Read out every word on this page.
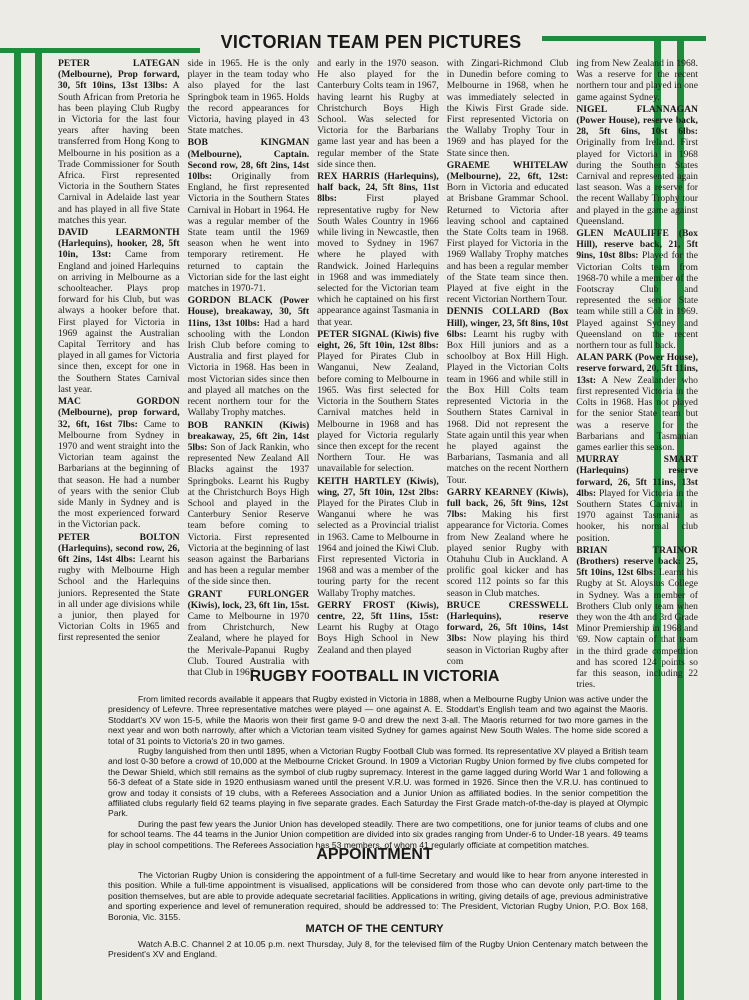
VICTORIAN TEAM PEN PICTURES

PETER LATEGAN (Melbourne), Prop forward, 30, 5ft 10ins, 13st 13lbs: A South African from Pretoria he has been playing Club Rugby in Victoria for the last four years after having been transferred from Hong Kong to Melbourne in his position as a Trade Commissioner for South Africa. First represented Victoria in the Southern States Carnival in Adelaide last year and has played in all five State matches this year.

DAVID LEARMONTH (Harlequins), hooker, 28, 5ft 10in, 13st: Came from England and joined Harlequins on arriving in Melbourne as a schoolteacher. Plays prop forward for his Club, but was always a hooker before that. First played for Victoria in 1969 against the Australian Capital Territory and has played in all games for Victoria since then, except for one in the Southern States Carnival last year.

MAC GORDON (Melbourne), prop forward, 32, 6ft, 16st 7lbs: Came to Melbourne from Sydney in 1970 and went straight into the Victorian team against the Barbarians at the beginning of that season. He had a number of years with the senior Club side Manly in Sydney and is the most experienced forward in the Victorian pack.

PETER BOLTON (Harlequins), second row, 26, 6ft 2ins, 14st 4lbs: Learnt his rugby with Melbourne High School and the Harlequins juniors. Represented the State in all under age divisions while a junior, then played for Victorian Colts in 1965 and first represented the senior

side in 1965. He is the only player in the team today who also played for the last Springbok team in 1965. Holds the record appearances for Victoria, having played in 43 State matches.

BOB KINGMAN (Melbourne), Captain. Second row, 28, 6ft 2ins, 14st 10lbs: Originally from England, he first represented Victoria in the Southern States Carnival in Hobart in 1964. He was a regular member of the State team until the 1969 season when he went into temporary retirement. He returned to captain the Victorian side for the last eight matches in 1970-71.

GORDON BLACK (Power House), breakaway, 30, 5ft 11ins, 13st 10lbs: Had a hard schooling with the London Irish Club before coming to Australia and first played for Victoria in 1968. Has been in most Victorian sides since then and played all matches on the recent northern tour for the Wallaby Trophy matches.

BOB RANKIN (Kiwis) breakaway, 25, 6ft 2in, 14st 5lbs: Son of Jack Rankin, who represented New Zealand All Blacks against the 1937 Springboks. Learnt his Rugby at the Christchurch Boys High School and played in the Canterbury Senior Reserve team before coming to Victoria. First represented Victoria at the beginning of last season against the Barbarians and has been a regular member of the side since then.

GRANT FURLONGER (Kiwis), lock, 23, 6ft 1in, 15st. Came to Melbourne in 1970 from Christchurch, New Zealand, where he played for the Merivale-Papanui Rugby Club. Toured Australia with that Club in 1967

and early in the 1970 season. He also played for the Canterbury Colts team in 1967, having learnt his Rugby at Christchurch Boys High School. Was selected for Victoria for the Barbarians game last year and has been a regular member of the State side since then.

REX HARRIS (Harlequins), half back, 24, 5ft 8ins, 11st 8lbs:	First played representative rugby for New South Wales Country in 1966 while living in Newcastle, then moved to Sydney in 1967 where he played with Randwick. Joined Harlequins in 1968 and was immediately selected for the Victorian team which he captained on his first appearance against Tasmania in that year.

PETER SIGNAL (Kiwis) five eight, 26, 5ft 10in, 12st 8lbs: Played for Pirates Club in Wanganui, New Zealand, before coming to Melbourne in 1965. Was first selected for Victoria in the Southern States Carnival matches held in Melbourne in 1968 and has played for Victoria regularly since then except for the recent Northern Tour. He was unavailable for selection.

KEITH HARTLEY (Kiwis), wing, 27, 5ft 10in, 12st 2lbs: Played for the Pirates Club in Wanganui where he was selected as a Provincial trialist in 1963. Came to Melbourne in 1964 and joined the Kiwi Club. First represented Victoria in 1968 and was a member of the touring party for the recent Wallaby Trophy matches.

GERRY FROST (Kiwis), centre, 22, 5ft 11ins, 15st: Learnt his Rugby at Otago Boys High School in New Zealand and then played

with Zingari-Richmond Club in Dunedin before coming to Melbourne in 1968, when he was immediately selected in the Kiwis First Grade side. First represented Victoria on the Wallaby Trophy Tour in 1969 and has played for the State since then.

GRAEME WHITELAW (Melbourne), 22, 6ft, 12st: Born in Victoria and educated at Brisbane Grammar School. Returned to Victoria after leaving school and captained the State Colts team in 1968. First played for Victoria in the 1969 Wallaby Trophy matches and has been a regular member of the State team since then. Played at five eight in the recent Victorian Northern Tour.

DENNIS COLLARD (Box Hill), winger, 23, 5ft 8ins, 10st 6lbs: Learnt his rugby with Box Hill juniors and as a schoolboy at Box Hill High. Played in the Victorian Colts team in 1966 and while still in the Box Hill Colts team represented Victoria in the Southern States Carnival in 1968. Did not represent the State again until this year when he played against the Barbarians, Tasmania and all matches on the recent Northern Tour.

GARRY KEARNEY (Kiwis), full back, 26, 5ft 9ins, 12st 7lbs: Making his first appearance for Victoria. Comes from New Zealand where he played senior Rugby with Otahuhu Club in Auckland. A prolific goal kicker and has scored 112 points so far this season in Club matches.

BRUCE CRESSWELL (Harlequins), reserve forward, 26, 5ft 10ins, 14st 3lbs: Now playing his third season in Victorian Rugby after com

ing from New Zealand in 1968. Was a reserve for the recent northern tour and played in one game against Sydney.

NIGEL FLANNAGAN (Power House), reserve back, 28, 5ft 6ins, 10st 6lbs: Originally from Ireland. First played for Victoria in 1968 during the Southern States Carnival and represented again last season. Was a reserve for the recent Wallaby Trophy tour and played in the game against Queensland.

GLEN McAULIFFE (Box Hill), reserve back, 21, 5ft 9ins, 10st 8lbs: Played for the Victorian Colts team from 1968-70 while a member of the Footscray Club and represented the senior State team while still a Colt in 1969. Played against Sydney and Queensland on the recent northern tour as full back.

ALAN PARK (Power House), reserve forward, 20, 5ft 11ins, 13st: A New Zealander who first represented Victoria in the Colts in 1968. Has not played for the senior State team but was a reserve for the Barbarians and Tasmanian games earlier this season.

MURRAY SMART (Harlequins) reserve forward, 26, 5ft 11ins, 13st 4lbs: Played for Victoria in the Southern States Carnival in 1970 against Tasmania as hooker, his normal club position.

BRIAN TRAINOR (Brothers) reserve back: 25, 5ft 10ins, 12st 6lbs: Learnt his Rugby at St. Aloysius College in Sydney. Was a member of Brothers Club only team when they won the 4th and 3rd Grade Minor Premiership in 1968 and '69. Now captain of that team in the third grade competition and has scored 124 points so far this season, including 22 tries.

RUGBY FOOTBALL IN VICTORIA

From limited records available it appears that Rugby existed in Victoria in 1888, when a Melbourne Rugby Union was active under the presidency of Lefevre. Three representative matches were played — one against A. E. Stoddart's English team and two against the Maoris. Stoddart's XV won 15-5, while the Maoris won their first game 9-0 and drew the next 3-all. The Maoris returned for two more games in the next year and won both narrowly, after which a Victorian team visited Sydney for games against New South Wales. The home side scored a total of 31 points to Victoria's 20 in two games.

Rugby languished from then until 1895, when a Victorian Rugby Football Club was formed. Its representative XV played a British team and lost 0-30 before a crowd of 10,000 at the Melbourne Cricket Ground. In 1909 a Victorian Rugby Union formed by five clubs competed for the Dewar Shield, which still remains as the symbol of club rugby supremacy. Interest in the game lagged during World War 1 and following a 56-3 defeat of a State side in 1920 enthusiasm waned until the present V.R.U. was formed in 1926. Since then the V.R.U. has continued to grow and today it consists of 19 clubs, with a Referees Association and a Junior Union as affiliated bodies. In the senior competition the affiliated clubs regularly field 62 teams playing in five separate grades. Each Saturday the First Grade match-of-the-day is played at Olympic Park.

During the past few years the Junior Union has developed steadily. There are two competitions, one for junior teams of clubs and one for school teams. The 44 teams in the Junior Union competition are divided into six grades ranging from Under-6 to Under-18 years. 49 teams play in school competitions. The Referees Association has 53 members, of whom 41 regularly officiate at competition matches.

APPOINTMENT

The Victorian Rugby Union is considering the appointment of a full-time Secretary and would like to hear from anyone interested in this position. While a full-time appointment is visualised, applications will be considered from those who can devote only part-time to the position themselves, but are able to provide adequate secretarial facilities. Applications in writing, giving details of age, previous administrative and sporting experience and level of remuneration required, should be addressed to: The President, Victorian Rugby Union, P.O. Box 168, Boronia, Vic. 3155.

MATCH OF THE CENTURY

Watch A.B.C. Channel 2 at 10.05 p.m. next Thursday, July 8, for the televised film of the Rugby Union Centenary match between the President's XV and England.
